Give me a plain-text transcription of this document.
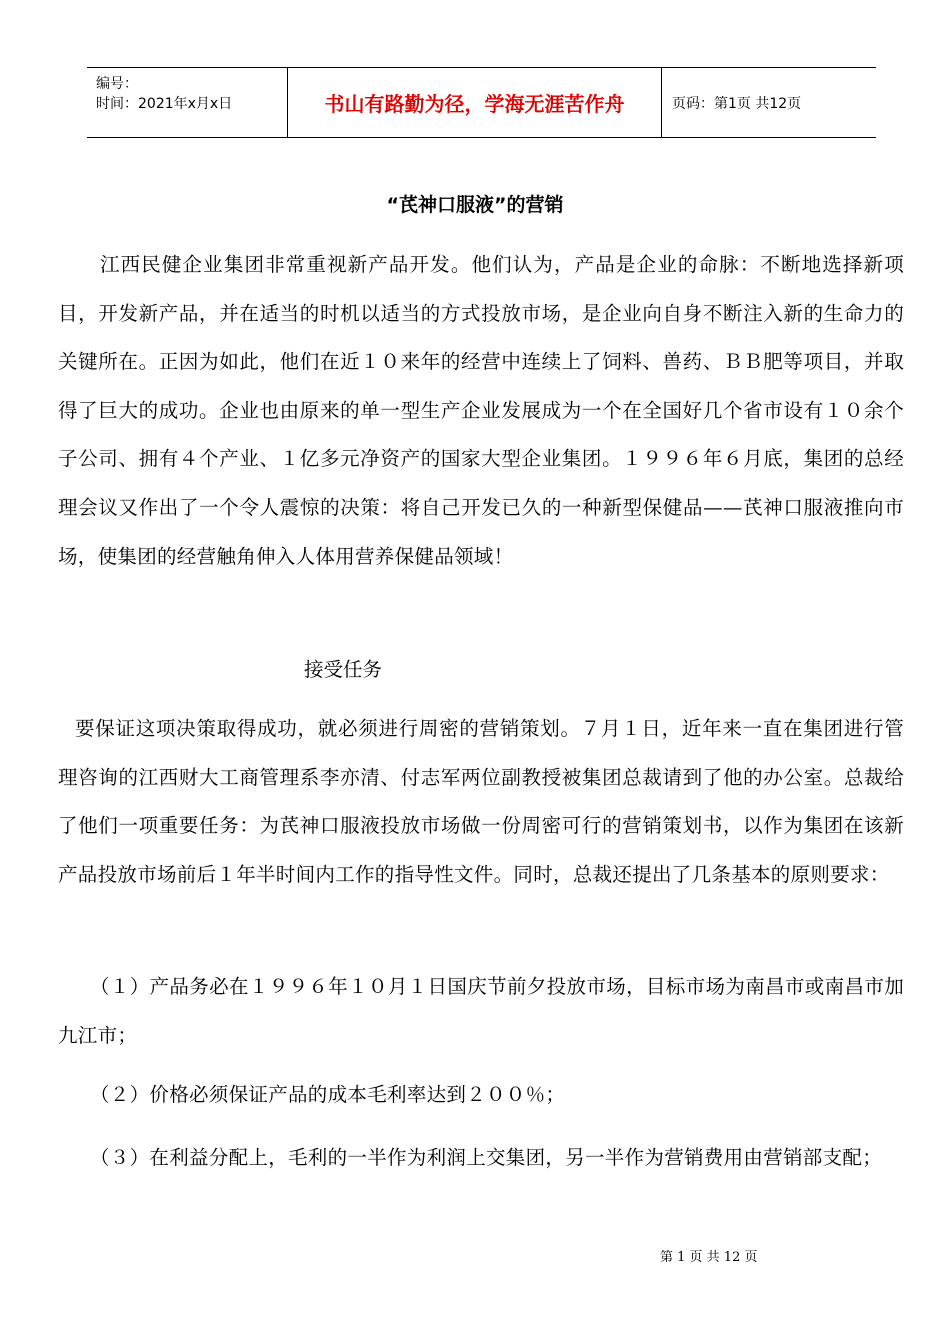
编号：
时间：2021年x月x日	书山有路勤为径，学海无涯苦作舟	页码：第1页 共12页
“芪神口服液”的营销

江西民健企业集团非常重视新产品开发。他们认为，产品是企业的命脉：不断地选择新项目，开发新产品，并在适当的时机以适当的方式投放市场，是企业向自身不断注入新的生命力的关键所在。正因为如此，他们在近１０来年的经营中连续上了饲料、兽药、ＢＢ肥等项目，并取得了巨大的成功。企业也由原来的单一型生产企业发展成为一个在全国好几个省市设有１０余个子公司、拥有４个产业、１亿多元净资产的国家大型企业集团。１９９６年６月底，集团的总经理会议又作出了一个令人震惊的决策：将自己开发已久的一种新型保健品——芪神口服液推向市场，使集团的经营触角伸入人体用营养保健品领域！

接受任务

要保证这项决策取得成功，就必须进行周密的营销策划。７月１日，近年来一直在集团进行管理咨询的江西财大工商管理系李亦清、付志军两位副教授被集团总裁请到了他的办公室。总裁给了他们一项重要任务：为芪神口服液投放市场做一份周密可行的营销策划书，以作为集团在该新产品投放市场前后１年半时间内工作的指导性文件。同时，总裁还提出了几条基本的原则要求：

（１）产品务必在１９９６年１０月１日国庆节前夕投放市场，目标市场为南昌市或南昌市加九江市；

（２）价格必须保证产品的成本毛利率达到２００％；

（３）在利益分配上，毛利的一半作为利润上交集团，另一半作为营销费用由营销部支配；

第 1 页 共 12 页
